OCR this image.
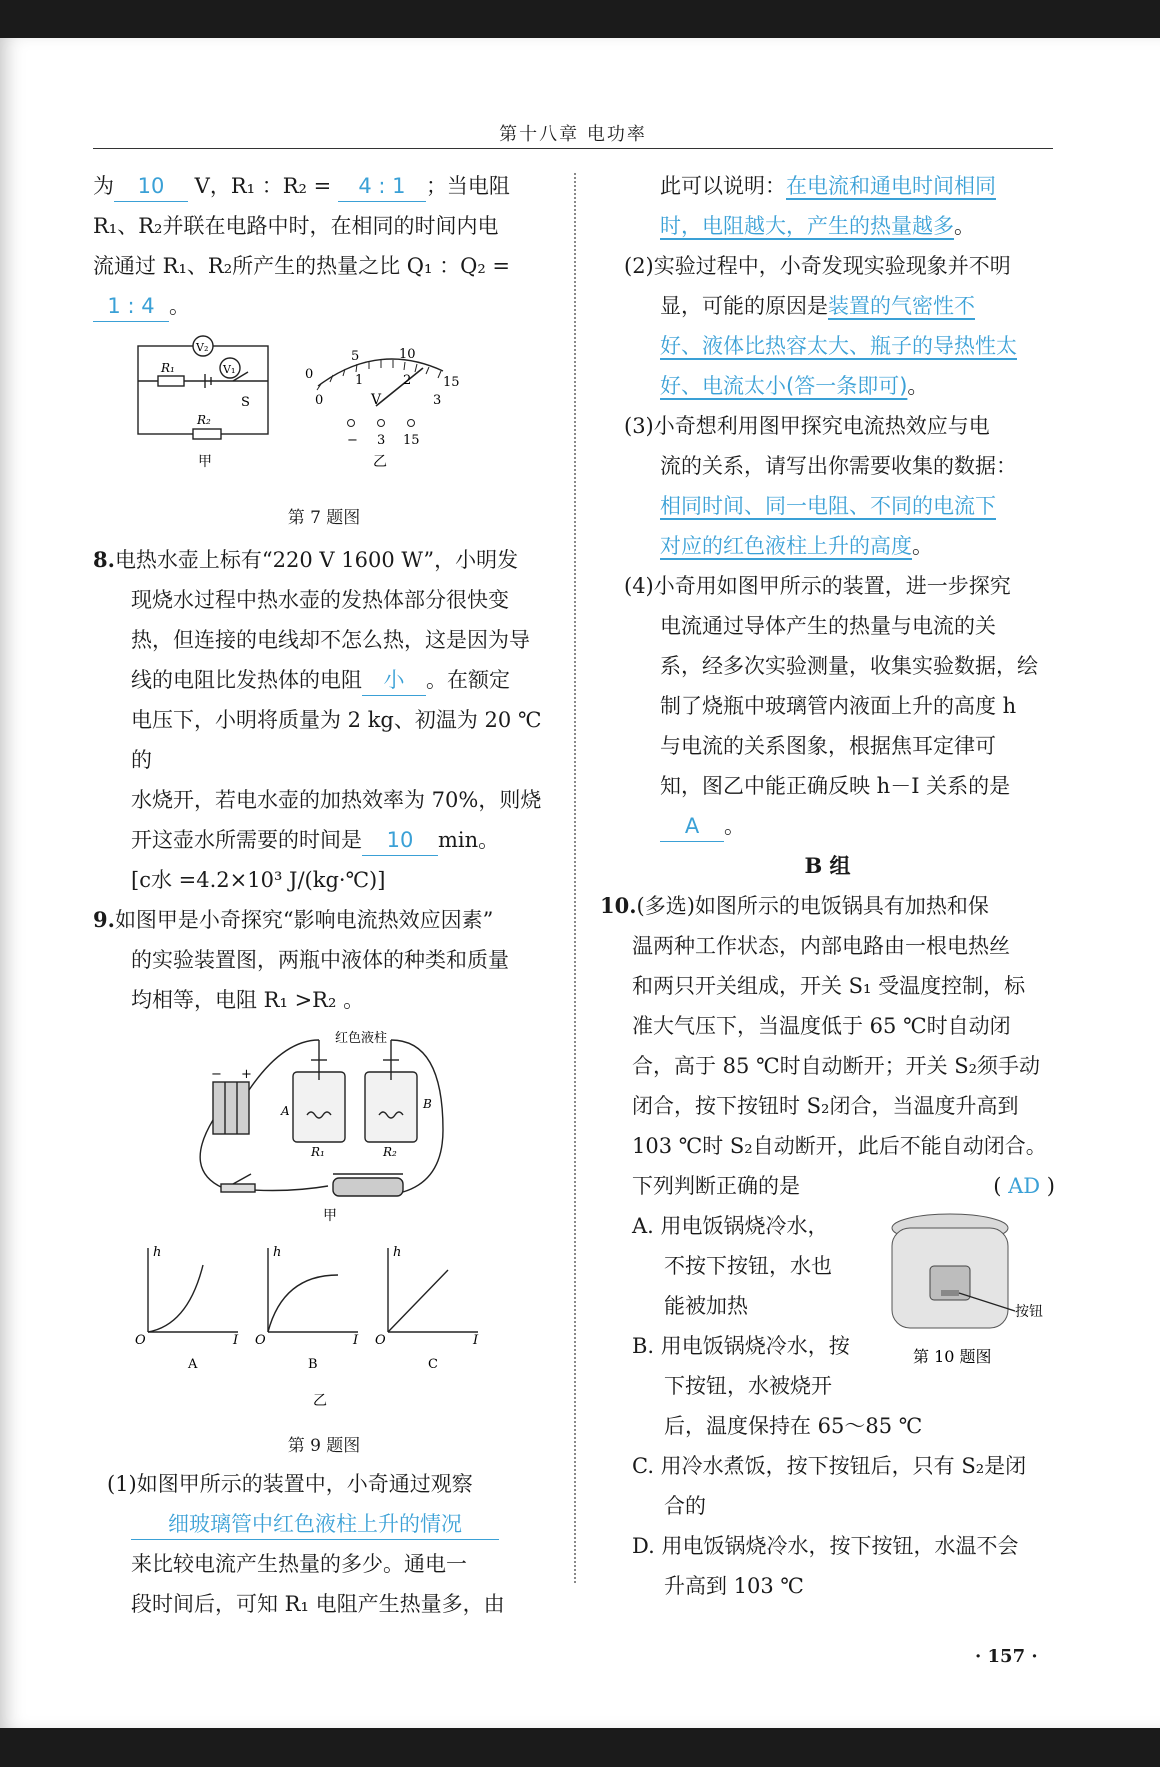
第十八章 电功率

为 10 V，R₁ ：R₂ = 4 : 1 ；当电阻

R₁、R₂并联在电路中时，在相同的时间内电

流通过 R₁、R₂所产生的热量之比 Q₁ ：Q₂ =

1 : 4 。

V₂
V₁
R₁
R₂
S
甲
0
5	10
15
0
1	2
3
V
− 3 15
乙

第 7 题图

8.电热水壶上标有“220 V 1600 W”，小明发

现烧水过程中热水壶的发热体部分很快变

热，但连接的电线却不怎么热，这是因为导

线的电阻比发热体的电阻 小 。在额定

电压下，小明将质量为 2 kg、初温为 20 ℃的

水烧开，若电水壶的加热效率为 70%，则烧

开这壶水所需要的时间是 10 min。

[c水 =4.2×10³ J/(kg·℃)]

9.如图甲是小奇探究“影响电流热效应因素”

的实验装置图，两瓶中液体的种类和质量

均相等，电阻 R₁ >R₂ 。

红色液柱
A	B
R₁	R₂
+
−
甲
h	h	h
O	O	O
I	I	I
A	B	C
乙

第 9 题图

(1)如图甲所示的装置中，小奇通过观察

细玻璃管中红色液柱上升的情况

来比较电流产生热量的多少。通电一

段时间后，可知 R₁ 电阻产生热量多，由

此可以说明：在电流和通电时间相同

时，电阻越大，产生的热量越多。

(2)实验过程中，小奇发现实验现象并不明

显，可能的原因是装置的气密性不

好、液体比热容太大、瓶子的导热性太

好、电流太小(答一条即可)。

(3)小奇想利用图甲探究电流热效应与电

流的关系，请写出你需要收集的数据：

相同时间、同一电阻、不同的电流下

对应的红色液柱上升的高度。

(4)小奇用如图甲所示的装置，进一步探究

电流通过导体产生的热量与电流的关

系，经多次实验测量，收集实验数据，绘

制了烧瓶中玻璃管内液面上升的高度 h

与电流的关系图象，根据焦耳定律可

知，图乙中能正确反映 h－I 关系的是

A 。

B 组

10.(多选)如图所示的电饭锅具有加热和保

温两种工作状态，内部电路由一根电热丝

和两只开关组成，开关 S₁ 受温度控制，标

准大气压下，当温度低于 65 ℃时自动闭

合，高于 85 ℃时自动断开；开关 S₂须手动

闭合，按下按钮时 S₂闭合，当温度升高到

103 ℃时 S₂自动断开，此后不能自动闭合。

下列判断正确的是	( AD )

A. 用电饭锅烧冷水，

不按下按钮，水也

能被加热

B. 用电饭锅烧冷水，按

按钮
第 10 题图

下按钮，水被烧开

后，温度保持在 65～85 ℃

C. 用冷水煮饭，按下按钮后，只有 S₂是闭

合的

D. 用电饭锅烧冷水，按下按钮，水温不会

升高到 103 ℃

· 157 ·
